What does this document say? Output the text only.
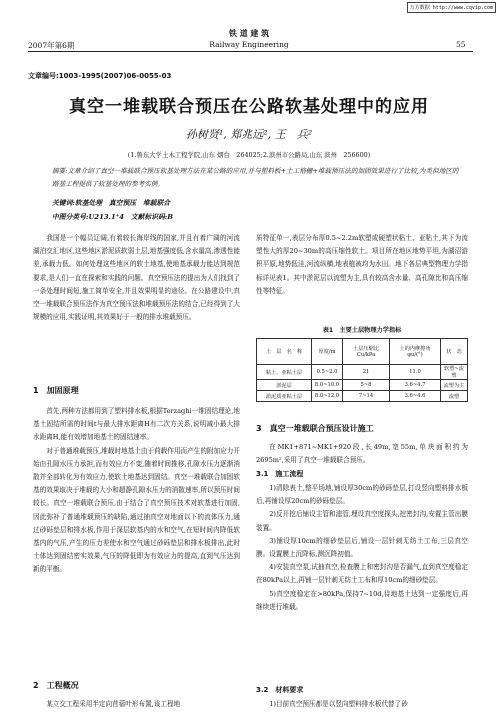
万方数据 http://www.cqvip.com
铁 道 建 筑
Railway Engineering
2007年第6期	55
文章编号:1003-1995(2007)06-0055-03
真空一堆载联合预压在公路软基处理中的应用
孙树贤¹, 郑兆远², 王　兵²
(1.鲁东大学土木工程学院,山东 烟台　264025;2.滨州市公路局,山东 滨州　256600)
摘要:文章介绍了真空一堆载联合预压软基处理方法在某公路的应用,并与塑料板+土工格栅+堆载预压法的加固效果进行了比较,为类似地区的路基工程提供了软基处理的参考实例。
关键词:软基处理　真空预压　堆载联合
中图分类号:U213.1⁺4　文献标识码:B

我国是一个幅员辽阔,有着较长海岸线的国家,并且有着广阔的河流湖泊交汇地区,这些地区淤泥质软弱土层,地基强度低,含水量高,渗透性能差,承载力低。如何处理这些地区的软土地基,使地基承载力能达到规范要求,是人们一直在探索和实践的问题。真空预压法的提出为人们找到了一条处理时间短,施工简单安全,并且效果明显的途径。在公路建设中,真空一堆载联合预压法作为真空预压法和堆载预压法的结合,已经得到了大规模的应用,实践证明,其效果好于一般的排水堆载预压。

1　加固原理

首先,两种方法都用到了塑料排水板,根据Terzaghi一维固结理论,地基土固结所需的时间t与最大排水距离H有二次方关系,说明减小最大排水距离H,能有效增加地基土的固结速率。

对于普通堆载预压,堆载时地基土由于荷载作用而产生的附加应力开始由孔隙水压力承担,而有效应力不变,随着时间推移,孔隙水压力逐渐消散并全部转化为有效应力,使软土地基达到固结。真空一堆载联合加固软基的效果取决于堆载的大小和超静孔隙水压力的消散速率,所以预压时间较长。真空一堆载联合预压,由于结合了真空预压技术对软基进行加固,因此弥补了普通堆载预压的缺陷,通过抽真空对地面以下的流体压力,通过砂砾垫层和排水板,作用于深层软基内的水和空气,在短时间内降低软基内的气压,产生的压力差使水和空气通过砂砾垫层和排水板排出,此时土体达到固结密实效果,气压的降低即为有效应力的提高,直到气压达到新的平衡。

2　工程概况

某立交工程采用半定向苜蓿叶形布置,该工程地

质特征单一,表层分布厚0.5~2.2m软塑或硬塑状粘土、亚粘土,其下为流塑性大的厚20~30m的高压缩性软土。项目所在地区地势平坦,为湖沼游积平原,地势低洼,河流纵横,地表植被均为水田。地下各层典型物理力学指标详见表1。其中淤泥层以流塑为主,具有较高含水量、高孔隙比和高压缩性等特征。

表1　主要土层物理力学指标
土　层　名　称	厚度/m	土层压缩比 Cu/kPa	土的内摩擦角 φu/(°)	状　态
粘土、亚粘土层	0.5~2.0	21	11.0	软塑~流塑
淤泥层	8.0~10.0	5~8	3.6~4.7	流塑为主
淤泥质亚粘土层	8.0~12.0	7~14	3.6~4.6	流塑
3　真空一堆载联合预压设计施工

在MK1+871~MK1+920段,长49m,宽55m,单块面积约为2695m²,采用了真空一堆载联合预压。

3.1　施工流程

1)清除表土,整平场地,铺设厚30cm的砂砾垫层,打设竖向塑料排水板后,再铺设厚20cm的砂砾垫层。

2)反开挖后铺设主管和滤管,埋设真空度探头,挖密封沟,安置主管出膜装置。

3)铺设厚10cm的细砂垫层后,铺设一层针刺无纺土工布,三层真空膜。设置膜上沉降标,测沉降初值。

4)安装真空泵,试抽真空,检查膜上和密封沟是否漏气,直到真空度稳定在80kPa以上,再铺一层针刺无纺土工布和厚10cm的细砂垫层。

5)真空度稳定在>80kPa,保持7~10d,待地基土达到一定强度后,再继续进行堆载。

3.2　材料要求

1)目前真空预压都是以竖向塑料排水板代替了砂
